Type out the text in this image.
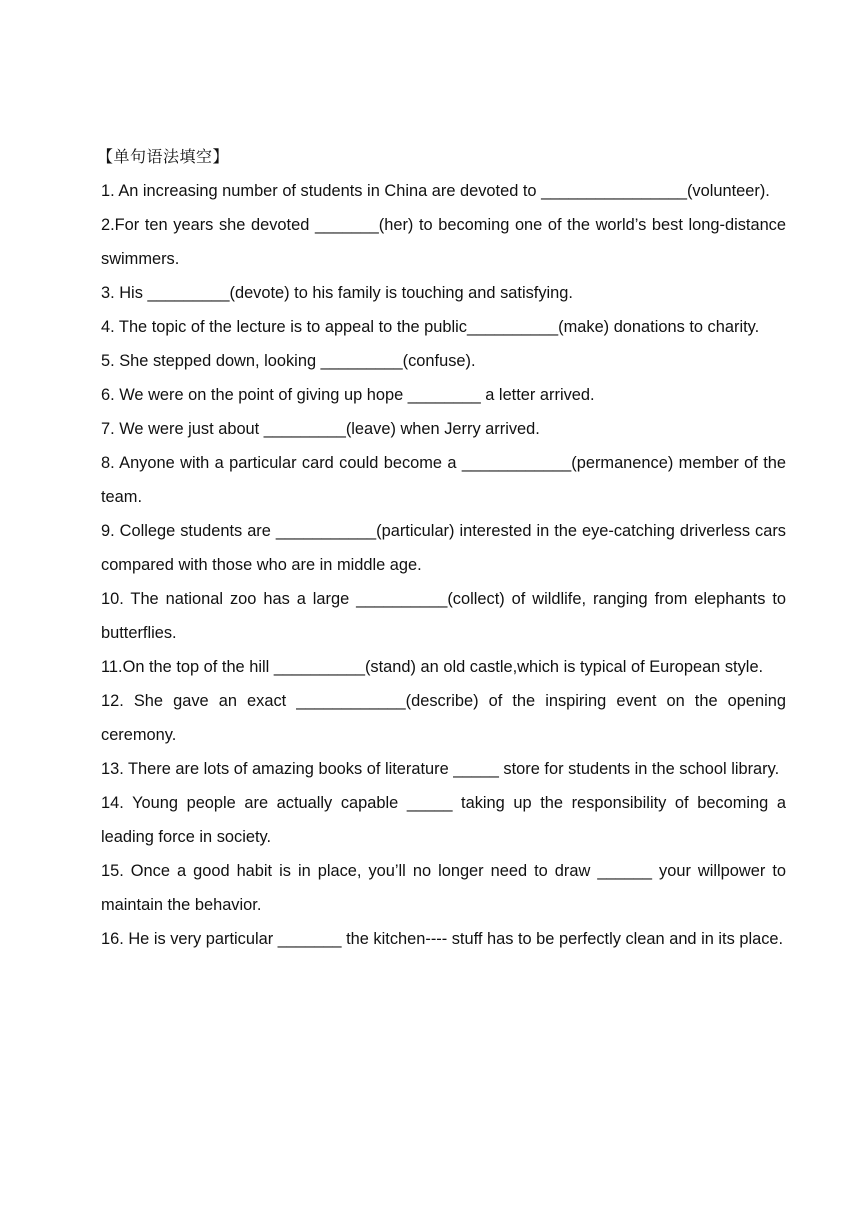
【单句语法填空】

1. An increasing number of students in China are devoted to ________________(volunteer).

2.For ten years she devoted _______(her) to becoming one of the world’s best long-distance swimmers.

3. His _________(devote) to his family is touching and satisfying.

4. The topic of the lecture is to appeal to the public__________(make) donations to charity.

5. She stepped down, looking _________(confuse).

6. We were on the point of giving up hope ________ a letter arrived.

7. We were just about _________(leave) when Jerry arrived.

8. Anyone with a particular card could become a ____________(permanence) member of the team.

9. College students are ___________(particular) interested in the eye-catching driverless cars compared with those who are in middle age.

10. The national zoo has a large __________(collect) of wildlife, ranging from elephants to butterflies.

11.On the top of the hill __________(stand) an old castle,which is typical of European style.

12. She gave an exact ____________(describe) of the inspiring event on the opening ceremony.

13. There are lots of amazing books of literature _____ store for students in the school library.

14. Young people are actually capable _____ taking up the responsibility of becoming a leading force in society.

15. Once a good habit is in place, you’ll no longer need to draw ______ your willpower to maintain the behavior.

16. He is very particular _______ the kitchen---- stuff has to be perfectly clean and in its place.
